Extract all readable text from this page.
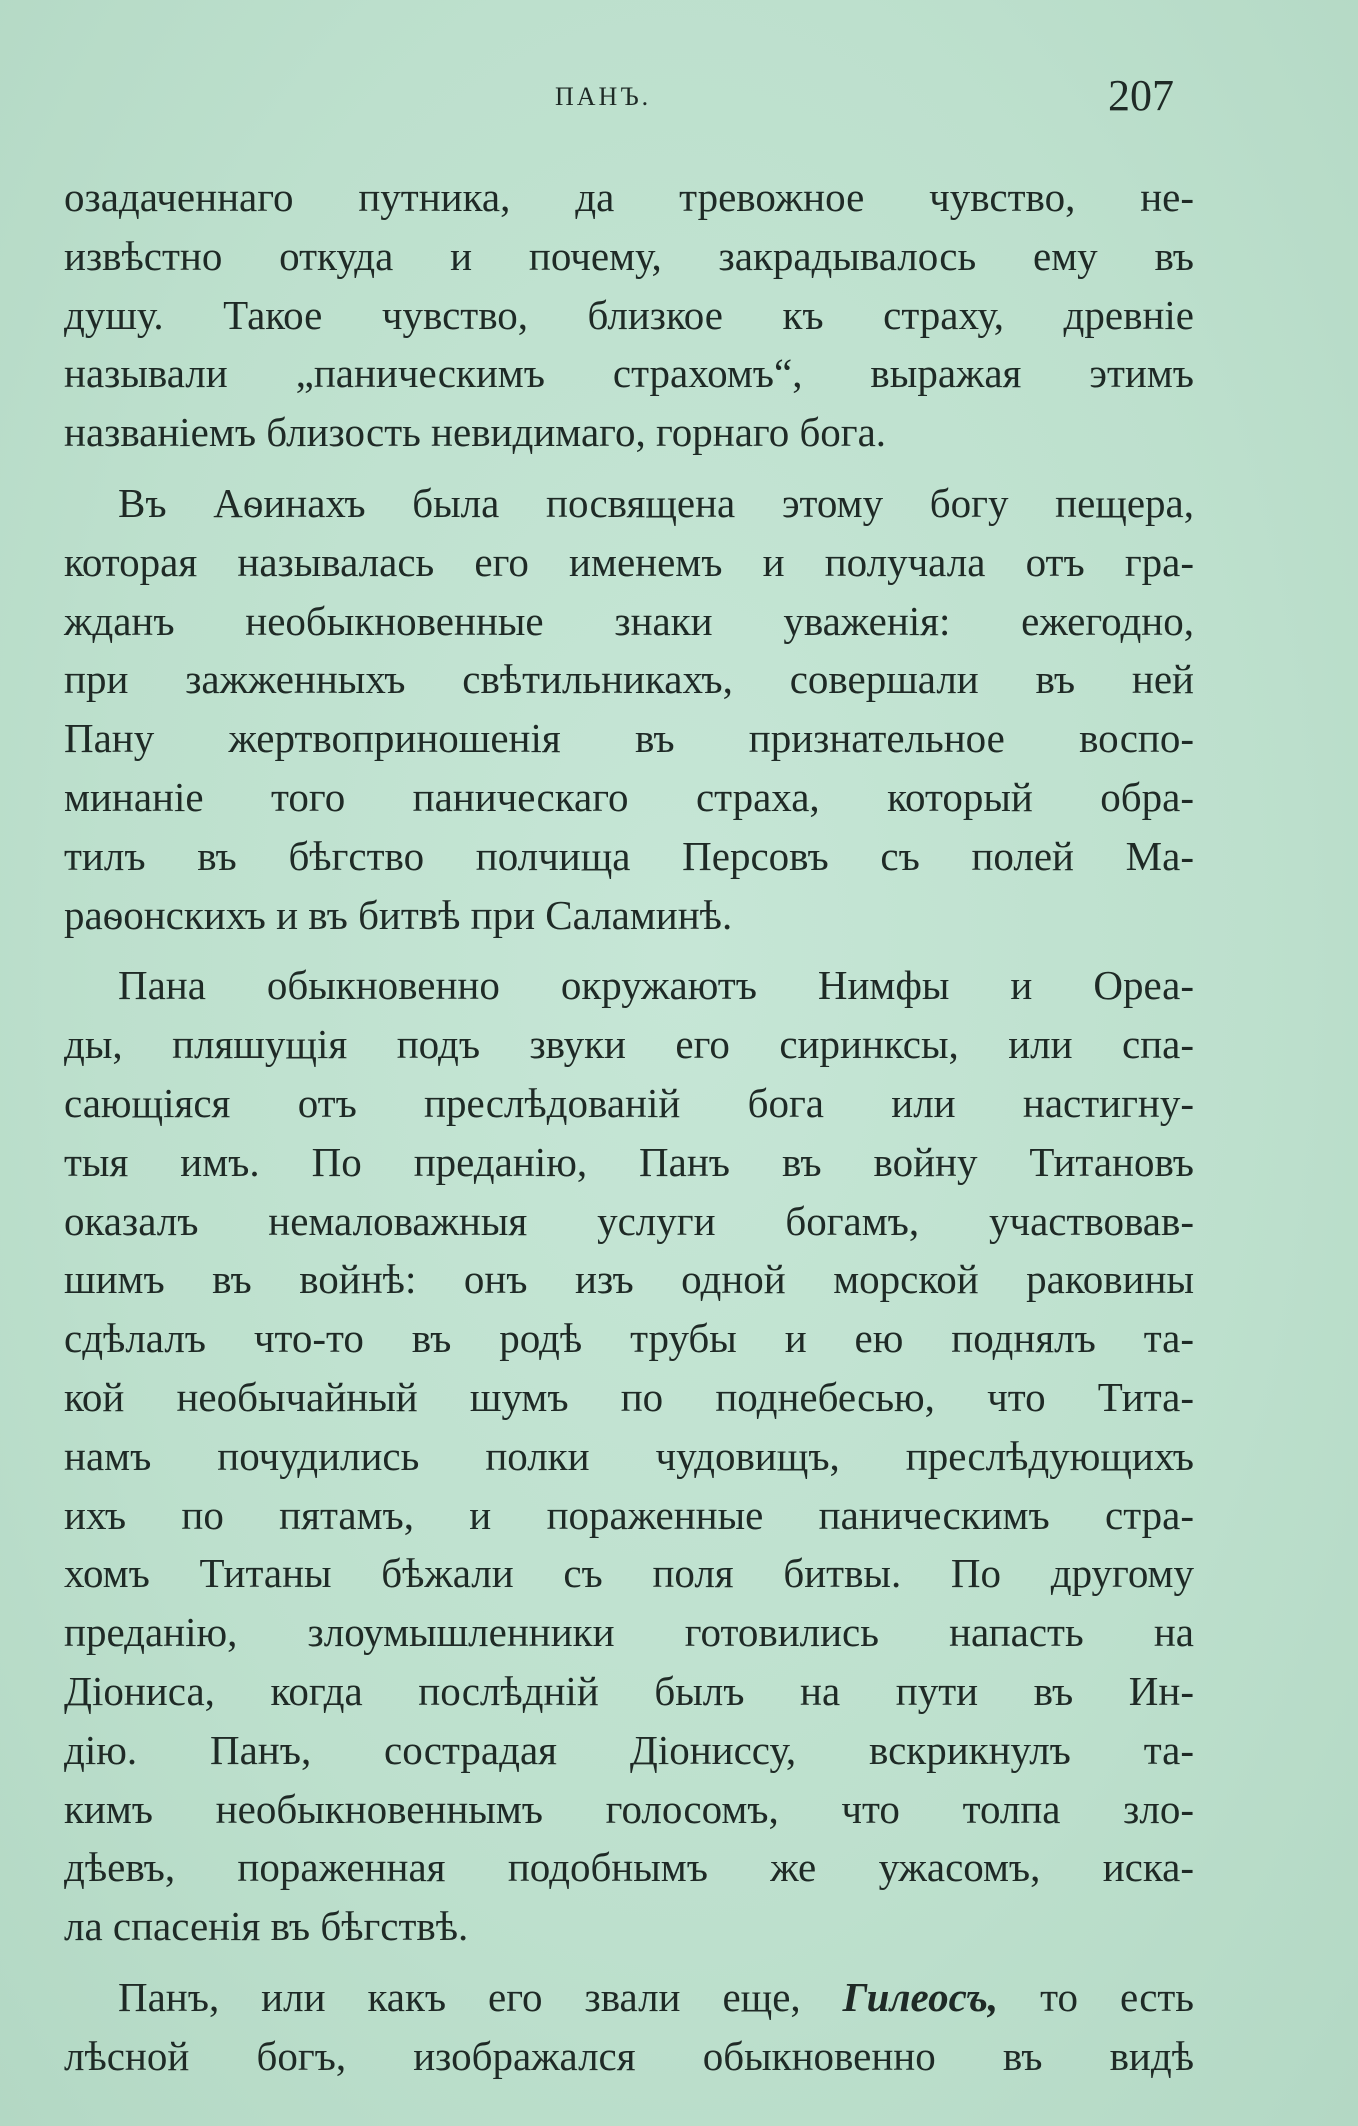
ПАНЪ.	207
озадаченнаго путника, да тревожное чувство, не-
извѣстно откуда и почему, закрадывалось ему въ
душу. Такое чувство, близкое къ страху, древніе
называли „паническимъ страхомъ“, выражая этимъ
названіемъ близость невидимаго, горнаго бога.
Въ Аѳинахъ была посвящена этому богу пещера,
которая называлась его именемъ и получала отъ гра-
жданъ необыкновенные знаки уваженія: ежегодно,
при зажженныхъ свѣтильникахъ, совершали въ ней
Пану жертвоприношенія въ признательное воспо-
минаніе того паническаго страха, который обра-
тилъ въ бѣгство полчища Персовъ съ полей Ма-
раѳонскихъ и въ битвѣ при Саламинѣ.
Пана обыкновенно окружаютъ Нимфы и Ореа-
ды, пляшущія подъ звуки его сиринксы, или спа-
сающіяся отъ преслѣдованій бога или настигну-
тыя имъ. По преданію, Панъ въ войну Титановъ
оказалъ немаловажныя услуги богамъ, участвовав-
шимъ въ войнѣ: онъ изъ одной морской раковины
сдѣлалъ что-то въ родѣ трубы и ею поднялъ та-
кой необычайный шумъ по поднебесью, что Тита-
намъ почудились полки чудовищъ, преслѣдующихъ
ихъ по пятамъ, и пораженные паническимъ стра-
хомъ Титаны бѣжали съ поля битвы. По другому
преданію, злоумышленники готовились напасть на
Діониса, когда послѣдній былъ на пути въ Ин-
дію. Панъ, сострадая Діониссу, вскрикнулъ та-
кимъ необыкновеннымъ голосомъ, что толпа зло-
дѣевъ, пораженная подобнымъ же ужасомъ, иска-
ла спасенія въ бѣгствѣ.
Панъ, или какъ его звали еще, Гилеосъ, то есть
лѣсной богъ, изображался обыкновенно въ видѣ
